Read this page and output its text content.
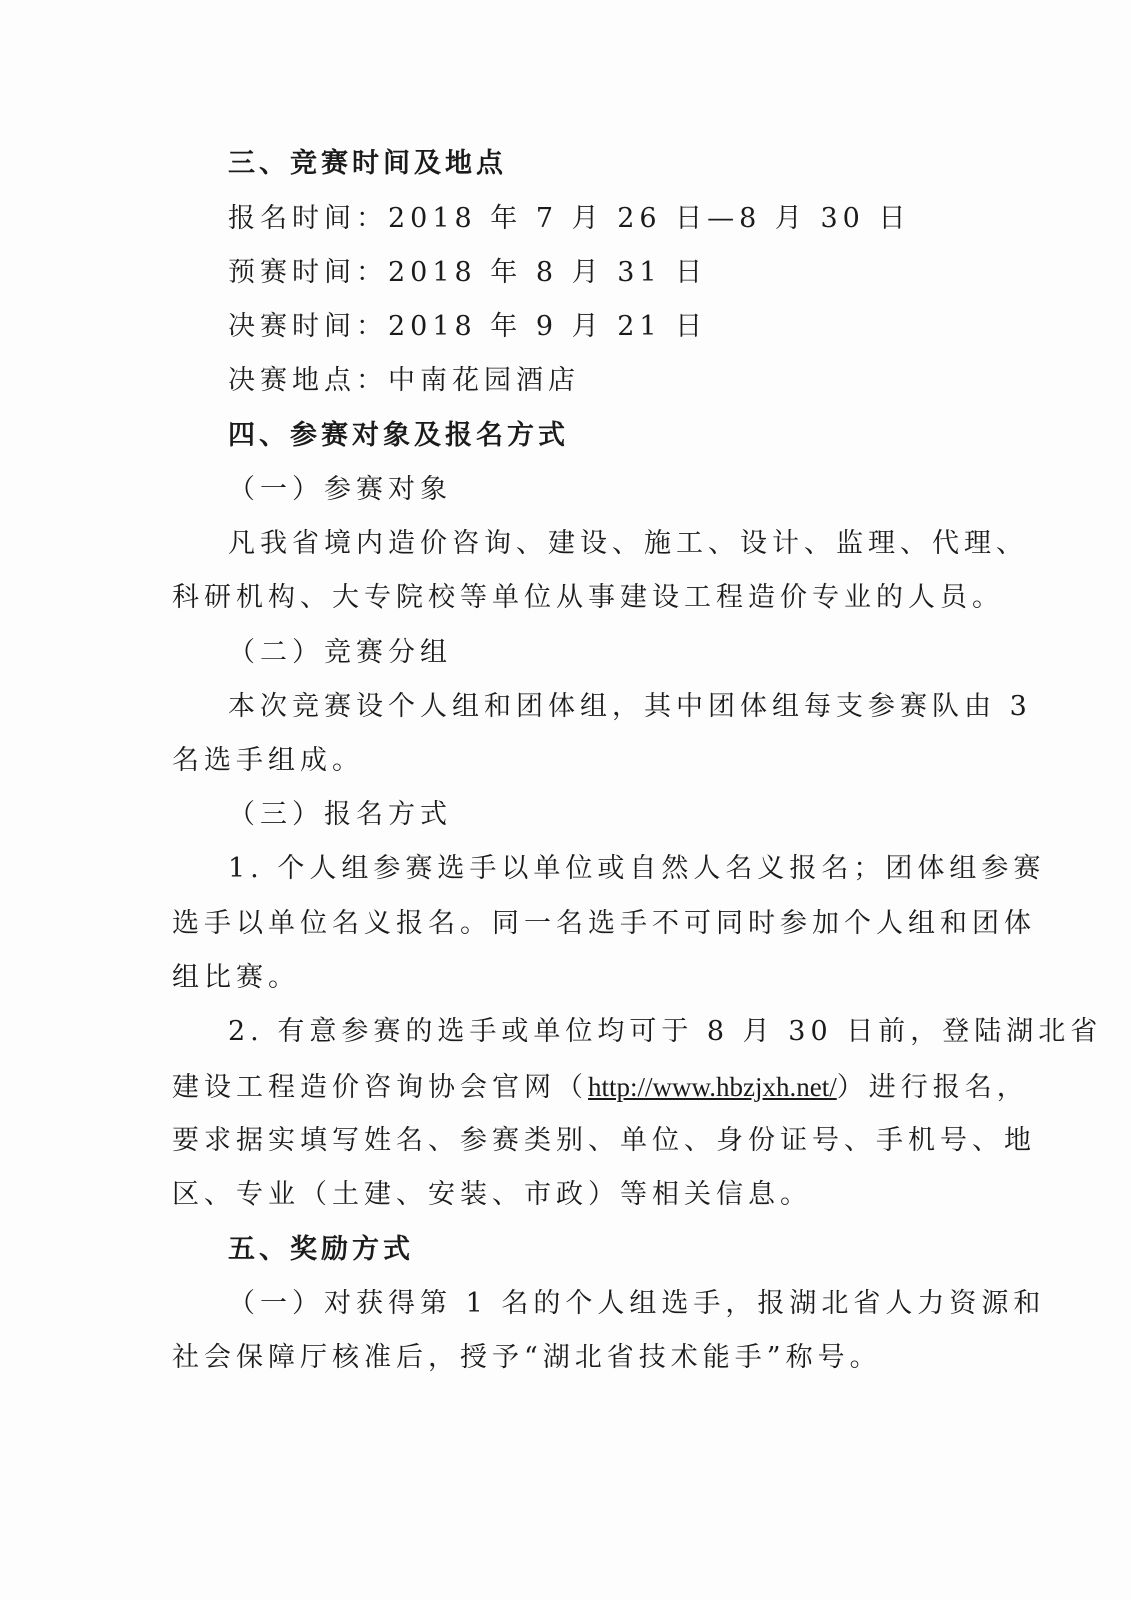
三、竞赛时间及地点
报名时间：2018 年 7 月 26 日—8 月 30 日
预赛时间：2018 年 8 月 31 日
决赛时间：2018 年 9 月 21 日
决赛地点：中南花园酒店
四、参赛对象及报名方式
（一）参赛对象
凡我省境内造价咨询、建设、施工、设计、监理、代理、
科研机构、大专院校等单位从事建设工程造价专业的人员。
（二）竞赛分组
本次竞赛设个人组和团体组，其中团体组每支参赛队由 3
名选手组成。
（三）报名方式
1. 个人组参赛选手以单位或自然人名义报名；团体组参赛
选手以单位名义报名。同一名选手不可同时参加个人组和团体
组比赛。
2. 有意参赛的选手或单位均可于 8 月 30 日前，登陆湖北省
建设工程造价咨询协会官网（http://www.hbzjxh.net/）进行报名，
要求据实填写姓名、参赛类别、单位、身份证号、手机号、地
区、专业（土建、安装、市政）等相关信息。
五、奖励方式
（一）对获得第 1 名的个人组选手，报湖北省人力资源和
社会保障厅核准后，授予“湖北省技术能手”称号。
